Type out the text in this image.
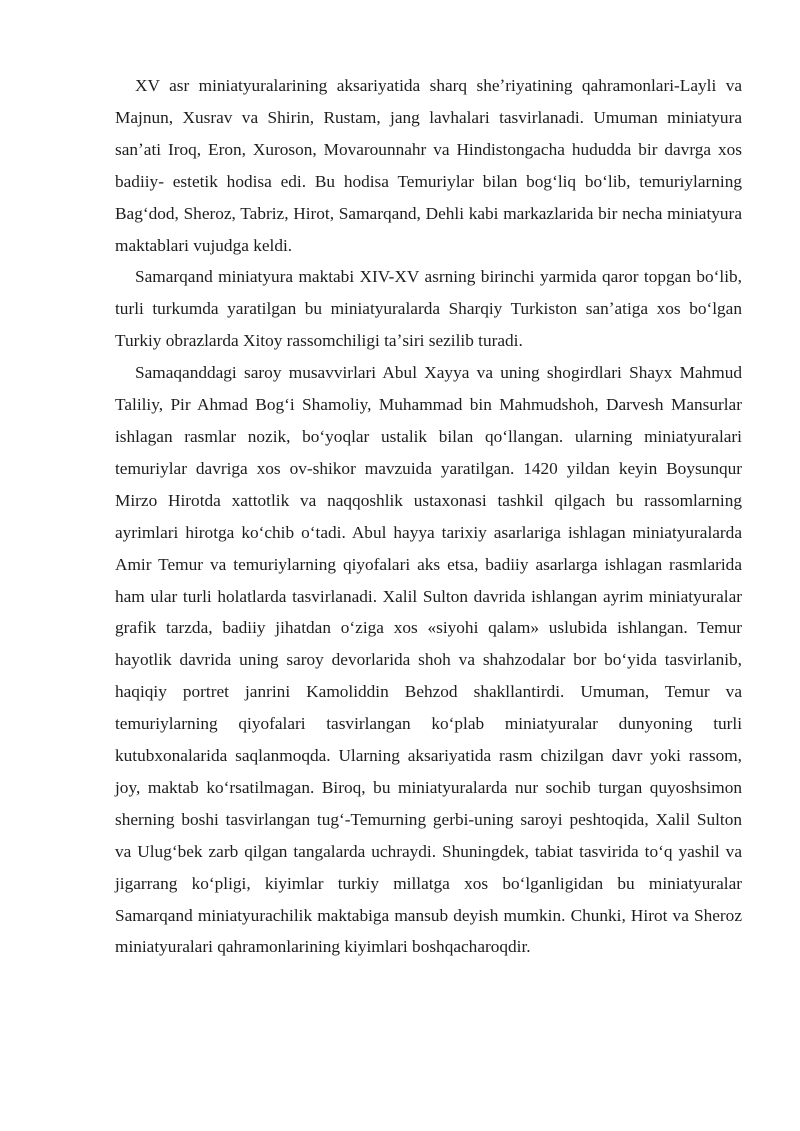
XV asr miniatyuralarining aksariyatida sharq sheʼriyatining qahramonlari-Layli va Majnun, Xusrav va Shirin, Rustam, jang lavhalari tasvirlanadi. Umuman miniatyura sanʼati Iroq, Eron, Xuroson, Movarounnahr va Hindistongacha hududda bir davrga xos badiiy- estetik hodisa edi. Bu hodisa Temuriylar bilan bogʻliq boʻlib, temuriylarning Bagʻdod, Sheroz, Tabriz, Hirot, Samarqand, Dehli kabi markazlarida bir necha miniatyura maktablari vujudga keldi.

Samarqand miniatyura maktabi XIV-XV asrning birinchi yarmida qaror topgan boʻlib, turli turkumda yaratilgan bu miniatyuralarda Sharqiy Turkiston sanʼatiga xos boʻlgan Turkiy obrazlarda Xitoy rassomchiligi taʼsiri sezilib turadi.

Samaqanddagi saroy musavvirlari Abul Xayya va uning shogirdlari Shayx Mahmud Taliliy, Pir Ahmad Bogʻi Shamoliy, Muhammad bin Mahmudshoh, Darvesh Mansurlar ishlagan rasmlar nozik, boʻyoqlar ustalik bilan qoʻllangan. ularning miniatyuralari temuriylar davriga xos ov-shikor mavzuida yaratilgan. 1420 yildan keyin Boysunqur Mirzo Hirotda xattotlik va naqqoshlik ustaxonasi tashkil qilgach bu rassomlarning ayrimlari hirotga koʻchib oʻtadi. Abul hayya tarixiy asarlariga ishlagan miniatyuralarda Amir Temur va temuriylarning qiyofalari aks etsa, badiiy asarlarga ishlagan rasmlarida ham ular turli holatlarda tasvirlanadi. Xalil Sulton davrida ishlangan ayrim miniatyuralar grafik tarzda, badiiy jihatdan oʻziga xos «siyohi qalam» uslubida ishlangan. Temur hayotlik davrida uning saroy devorlarida shoh va shahzodalar bor boʻyida tasvirlanib, haqiqiy portret janrini Kamoliddin Behzod shakllantirdi. Umuman, Temur va temuriylarning qiyofalari tasvirlangan koʻplab miniatyuralar dunyoning turli kutubxonalarida saqlanmoqda. Ularning aksariyatida rasm chizilgan davr yoki rassom, joy, maktab koʻrsatilmagan. Biroq, bu miniatyuralarda nur sochib turgan quyoshsimon sherning boshi tasvirlangan tugʻ-Temurning gerbi-uning saroyi peshtoqida, Xalil Sulton va Ulugʻbek zarb qilgan tangalarda uchraydi. Shuningdek, tabiat tasvirida toʻq yashil va jigarrang koʻpligi, kiyimlar turkiy millatga xos boʻlganligidan bu miniatyuralar Samarqand miniatyurachilik maktabiga mansub deyish mumkin. Chunki, Hirot va Sheroz miniatyuralari qahramonlarining kiyimlari boshqacharoqdir.
